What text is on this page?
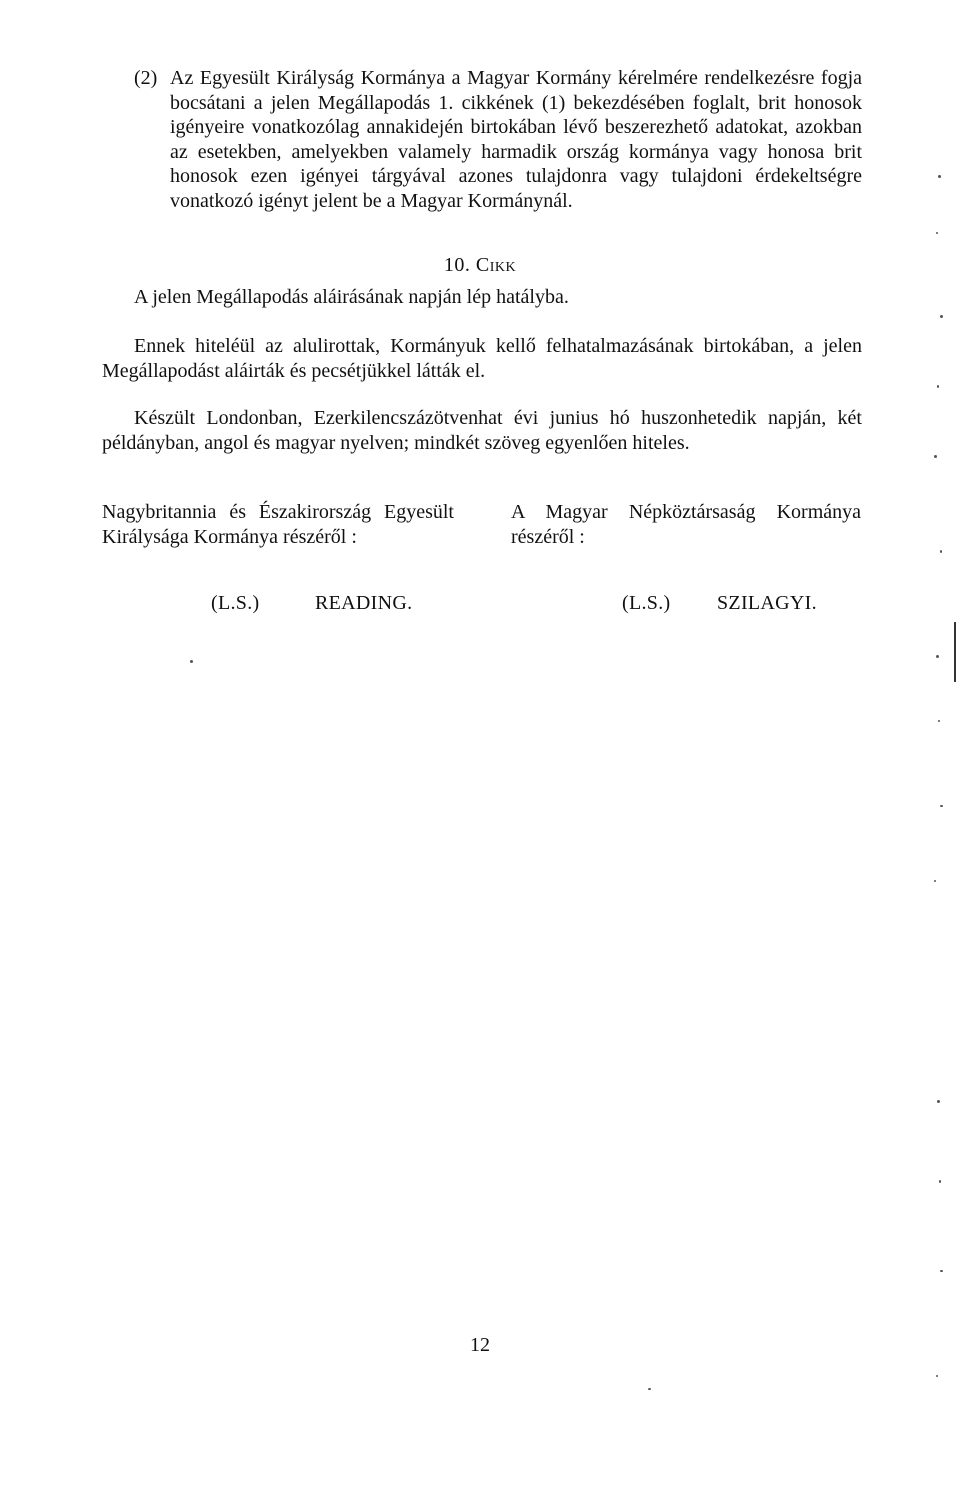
(2) Az Egyesült Királyság Kormánya a Magyar Kormány kérelmére rendelkezésre fogja bocsátani a jelen Megállapodás 1. cikkének (1) bekezdésében foglalt, brit honosok igényeire vonatkozólag annakidején birtokában lévő beszerezhető adatokat, azokban az esetekben, amelyekben valamely harmadik ország kormánya vagy honosa brit honosok ezen igényei tárgyával azones tulajdonra vagy tulajdoni érdekeltségre vonatkozó igényt jelent be a Magyar Kormánynál.

10. Cikk
A jelen Megállapodás aláirásának napján lép hatályba.

Ennek hiteléül az alulirottak, Kormányuk kellő felhatalmazásának birtokában, a jelen Megállapodást aláirták és pecsétjükkel látták el.

Készült Londonban, Ezerkilencszázötvenhat évi junius hó huszonhetedik napján, két példányban, angol és magyar nyelven; mindkét szöveg egyenlően hiteles.

Nagybritannia és Északirország Egyesült Királysága Kormánya részéről :
A Magyar Népköztársaság Kormánya részéről :
(L.S.)	READING.	(L.S.) SZILAGYI.
12
